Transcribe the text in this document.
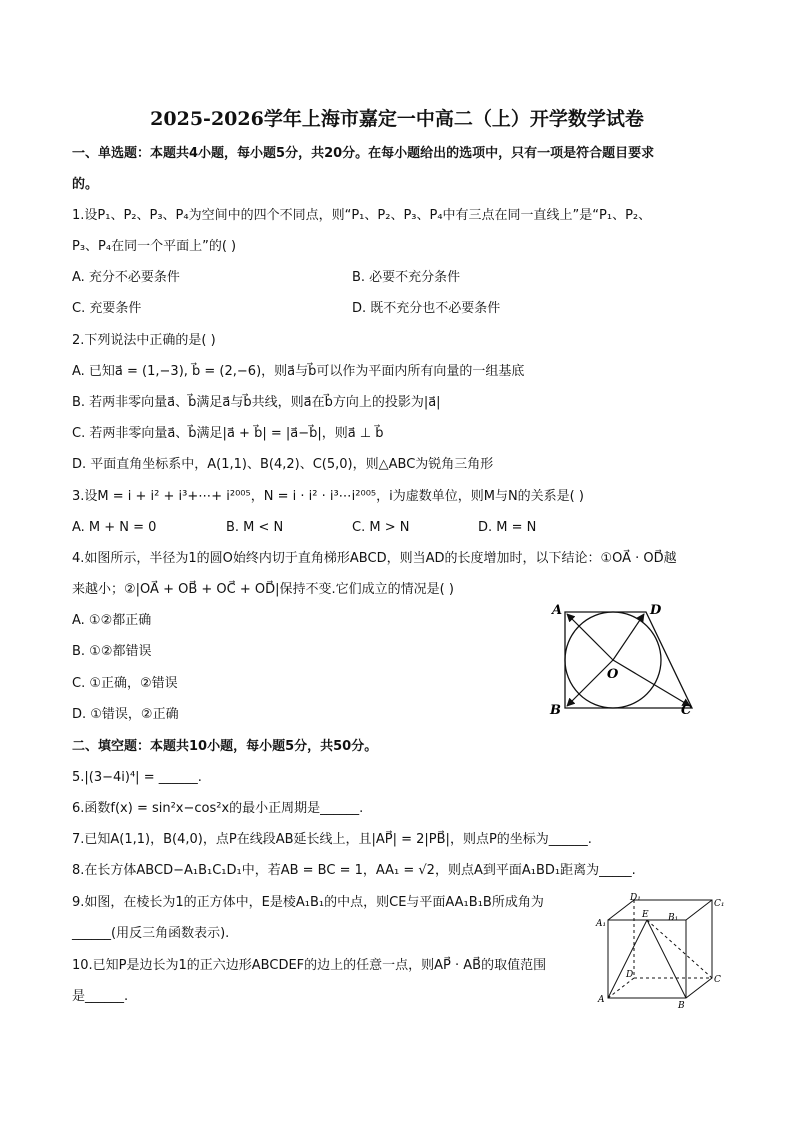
2025-2026学年上海市嘉定一中高二（上）开学数学试卷
一、单选题：本题共4小题，每小题5分，共20分。在每小题给出的选项中，只有一项是符合题目要求
的。
1.设P₁、P₂、P₃、P₄为空间中的四个不同点，则“P₁、P₂、P₃、P₄中有三点在同一直线上”是“P₁、P₂、
P₃、P₄在同一个平面上”的( )
A. 充分不必要条件	B. 必要不充分条件
C. 充要条件	D. 既不充分也不必要条件
2.下列说法中正确的是( )
A. 已知a⃗ = (1,−3), b⃗ = (2,−6)，则a⃗与b⃗可以作为平面内所有向量的一组基底
B. 若两非零向量a⃗、b⃗满足a⃗与b⃗共线，则a⃗在b⃗方向上的投影为|a⃗|
C. 若两非零向量a⃗、b⃗满足|a⃗ + b⃗| = |a⃗−b⃗|，则a⃗ ⊥ b⃗
D. 平面直角坐标系中，A(1,1)、B(4,2)、C(5,0)，则△ABC为锐角三角形
3.设M = i + i² + i³+⋯+ i²⁰⁰⁵，N = i · i² · i³⋯i²⁰⁰⁵，i为虚数单位，则M与N的关系是( )
A. M + N = 0	B. M < N	C. M > N	D. M = N
4.如图所示，半径为1的圆O始终内切于直角梯形ABCD，则当AD的长度增加时，以下结论：①OA⃗ · OD⃗越
来越小；②|OA⃗ + OB⃗ + OC⃗ + OD⃗|保持不变.它们成立的情况是( )
A. ①②都正确
B. ①②都错误
C. ①正确，②错误
D. ①错误，②正确
A	D
B	C
O
二、填空题：本题共10小题，每小题5分，共50分。
5.|(3−4i)⁴| = ______.
6.函数f(x) = sin²x−cos²x的最小正周期是______.
7.已知A(1,1)，B(4,0)，点P在线段AB延长线上，且|AP⃗| = 2|PB⃗|，则点P的坐标为______.
8.在长方体ABCD−A₁B₁C₁D₁中，若AB = BC = 1，AA₁ = √2，则点A到平面A₁BD₁距离为_____.
9.如图，在棱长为1的正方体中，E是棱A₁B₁的中点，则CE与平面AA₁B₁B所成角为
______(用反三角函数表示).
10.已知P是边长为1的正六边形ABCDEF的边上的任意一点，则AP⃗ · AB⃗的取值范围
是______.
D₁
E B₁
C₁
A₁
D	C
A
B
